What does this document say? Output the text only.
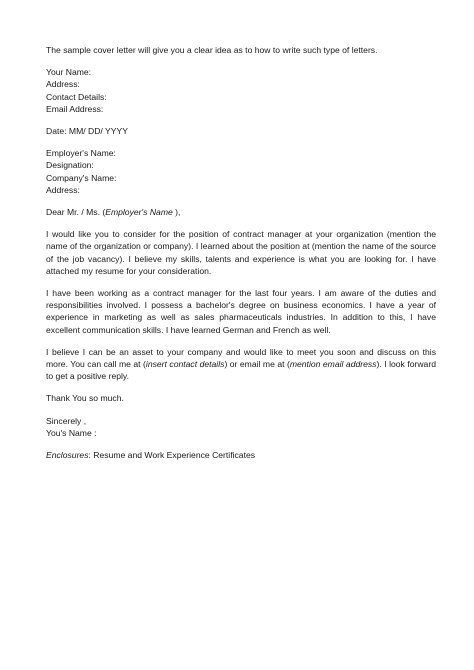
The sample cover letter will give you a clear idea as to how to write such type of letters.
Your Name:
Address:
Contact Details:
Email Address:
Date: MM/ DD/ YYYY
Employer's Name:
Designation:
Company's Name:
Address:
Dear Mr. / Ms. (Employer's Name ),
I would like you to consider for the position of contract manager at your organization (mention the name of the organization or company). I learned about the position at (mention the name of the source of the job vacancy). I believe my skills, talents and experience is what you are looking for. I have attached my resume for your consideration.
I have been working as a contract manager for the last four years. I am aware of the duties and responsibilities involved. I possess a bachelor's degree on business economics. I have a year of experience in marketing as well as sales pharmaceuticals industries. In addition to this, I have excellent communication skills. I have learned German and French as well.
I believe I can be an asset to your company and would like to meet you soon and discuss on this more. You can call me at (insert contact details) or email me at (mention email address). I look forward to get a positive reply.
Thank You so much.
Sincerely ,
You's Name :
Enclosures: Resume and Work Experience Certificates
